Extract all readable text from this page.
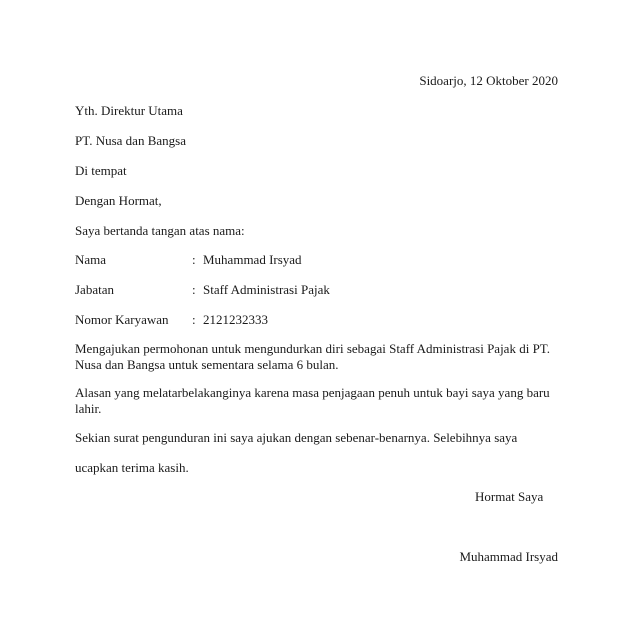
Sidoarjo, 12 Oktober 2020
Yth. Direktur Utama
PT. Nusa dan Bangsa
Di tempat
Dengan Hormat,
Saya bertanda tangan atas nama:
Nama	: Muhammad Irsyad
Jabatan	: Staff Administrasi Pajak
Nomor Karyawan : 2121232333
Mengajukan permohonan untuk mengundurkan diri sebagai Staff Administrasi Pajak di PT. Nusa dan Bangsa untuk sementara selama 6 bulan.
Alasan yang melatarbelakanginya karena masa penjagaan penuh untuk bayi saya yang baru lahir.
Sekian surat pengunduran ini saya ajukan dengan sebenar-benarnya. Selebihnya saya
ucapkan terima kasih.
Hormat Saya
Muhammad Irsyad
